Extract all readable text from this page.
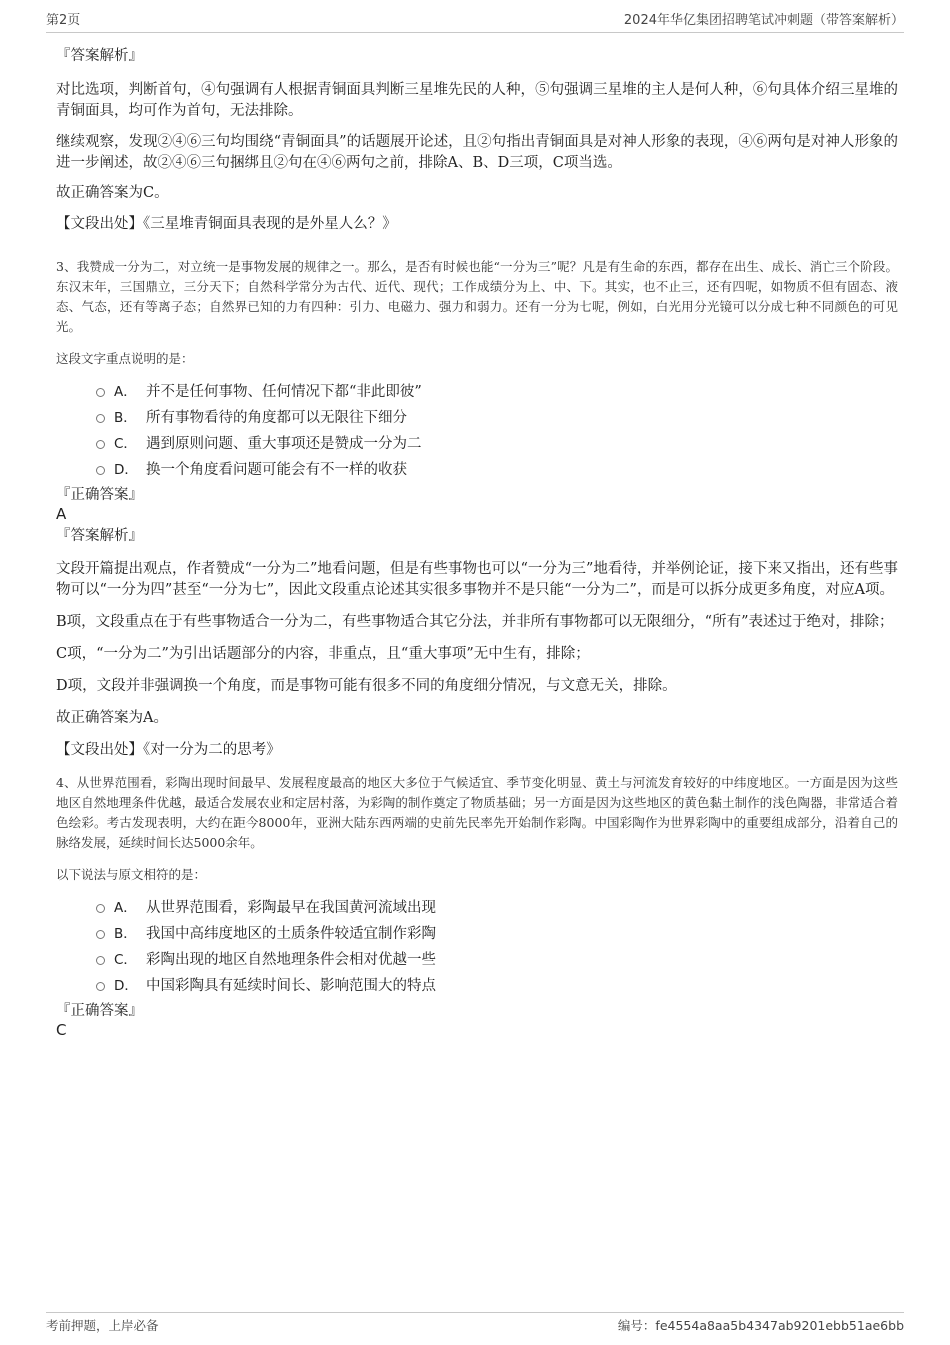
第2页	2024年华亿集团招聘笔试冲刺题（带答案解析）

『答案解析』

对比选项，判断首句，④句强调有人根据青铜面具判断三星堆先民的人种，⑤句强调三星堆的主人是何人种，⑥句具体介绍三星堆的青铜面具，均可作为首句，无法排除。

继续观察，发现②④⑥三句均围绕“青铜面具”的话题展开论述，且②句指出青铜面具是对神人形象的表现，④⑥两句是对神人形象的进一步阐述，故②④⑥三句捆绑且②句在④⑥两句之前，排除A、B、D三项，C项当选。

故正确答案为C。

【文段出处】《三星堆青铜面具表现的是外星人么？》

3、我赞成一分为二，对立统一是事物发展的规律之一。那么，是否有时候也能“一分为三”呢？凡是有生命的东西，都存在出生、成长、消亡三个阶段。东汉末年，三国鼎立，三分天下；自然科学常分为古代、近代、现代；工作成绩分为上、中、下。其实，也不止三，还有四呢，如物质不但有固态、液态、气态，还有等离子态；自然界已知的力有四种：引力、电磁力、强力和弱力。还有一分为七呢，例如，白光用分光镜可以分成七种不同颜色的可见光。

这段文字重点说明的是：

A． 并不是任何事物、任何情况下都“非此即彼”
B． 所有事物看待的角度都可以无限往下细分
C． 遇到原则问题、重大事项还是赞成一分为二
D． 换一个角度看问题可能会有不一样的收获

『正确答案』

A

『答案解析』

文段开篇提出观点，作者赞成“一分为二”地看问题，但是有些事物也可以“一分为三”地看待，并举例论证，接下来又指出，还有些事物可以“一分为四”甚至“一分为七”，因此文段重点论述其实很多事物并不是只能“一分为二”，而是可以拆分成更多角度，对应A项。

B项，文段重点在于有些事物适合一分为二，有些事物适合其它分法，并非所有事物都可以无限细分，“所有”表述过于绝对，排除；

C项，“一分为二”为引出话题部分的内容，非重点，且“重大事项”无中生有，排除；

D项，文段并非强调换一个角度，而是事物可能有很多不同的角度细分情况，与文意无关，排除。

故正确答案为A。

【文段出处】《对一分为二的思考》

4、从世界范围看，彩陶出现时间最早、发展程度最高的地区大多位于气候适宜、季节变化明显、黄土与河流发育较好的中纬度地区。一方面是因为这些地区自然地理条件优越，最适合发展农业和定居村落，为彩陶的制作奠定了物质基础；另一方面是因为这些地区的黄色黏土制作的浅色陶器，非常适合着色绘彩。考古发现表明，大约在距今8000年，亚洲大陆东西两端的史前先民率先开始制作彩陶。中国彩陶作为世界彩陶中的重要组成部分，沿着自己的脉络发展，延续时间长达5000余年。

以下说法与原文相符的是：

A． 从世界范围看，彩陶最早在我国黄河流域出现
B． 我国中高纬度地区的土质条件较适宜制作彩陶
C． 彩陶出现的地区自然地理条件会相对优越一些
D． 中国彩陶具有延续时间长、影响范围大的特点

『正确答案』

C

考前押题，上岸必备	编号：fe4554a8aa5b4347ab9201ebb51ae6bb
